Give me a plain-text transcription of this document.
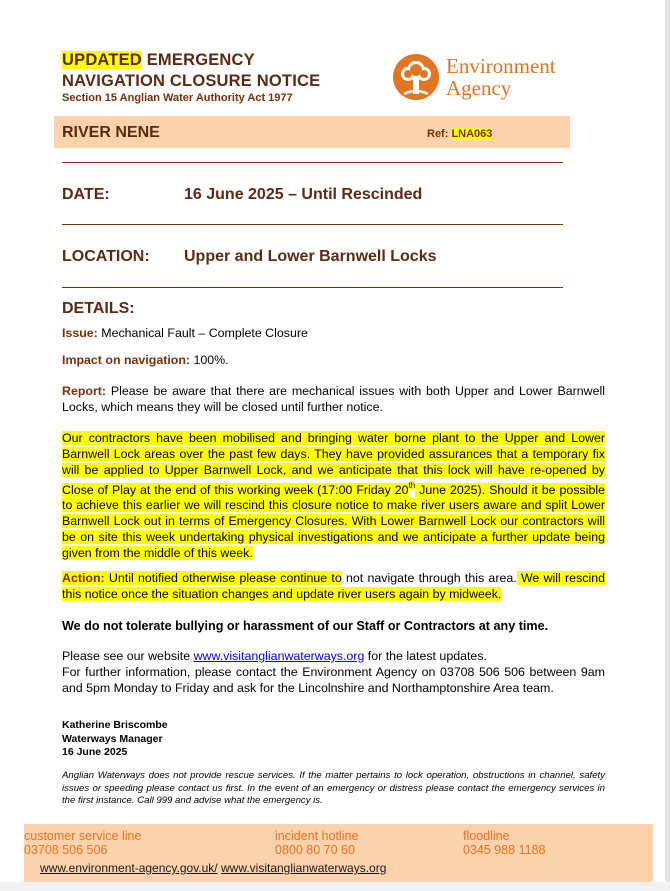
UPDATED EMERGENCY
NAVIGATION CLOSURE NOTICE
Section 15 Anglian Water Authority Act 1977
Environment
Agency
RIVER NENE	Ref: LNA063
DATE:	16 June 2025 – Until Rescinded
LOCATION: Upper and Lower Barnwell Locks
DETAILS:
Issue: Mechanical Fault – Complete Closure
Impact on navigation: 100%.
Report: Please be aware that there are mechanical issues with both Upper and Lower Barnwell Locks, which means they will be closed until further notice.
Our contractors have been mobilised and bringing water borne plant to the Upper and Lower Barnwell Lock areas over the past few days. They have provided assurances that a temporary fix will be applied to Upper Barnwell Lock, and we anticipate that this lock will have re-opened by Close of Play at the end of this working week (17:00 Friday 20th June 2025). Should it be possible to achieve this earlier we will rescind this closure notice to make river users aware and split Lower Barnwell Lock out in terms of Emergency Closures. With Lower Barnwell Lock our contractors will be on site this week undertaking physical investigations and we anticipate a further update being given from the middle of this week.
Action: Until notified otherwise please continue to not navigate through this area. We will rescind this notice once the situation changes and update river users again by midweek.
We do not tolerate bullying or harassment of our Staff or Contractors at any time.
Please see our website www.visitanglianwaterways.org for the latest updates.
For further information, please contact the Environment Agency on 03708 506 506 between 9am and 5pm Monday to Friday and ask for the Lincolnshire and Northamptonshire Area team.
Katherine Briscombe
Waterways Manager
16 June 2025
Anglian Waterways does not provide rescue services. If the matter pertains to lock operation, obstructions in channel, safety issues or speeding please contact us first. In the event of an emergency or distress please contact the emergency services in the first instance. Call 999 and advise what the emergency is.
customer service line
03708 506 506
incident hotline
0800 80 70 60
floodline
0345 988 1188
www.environment-agency.gov.uk/ www.visitanglianwaterways.org
